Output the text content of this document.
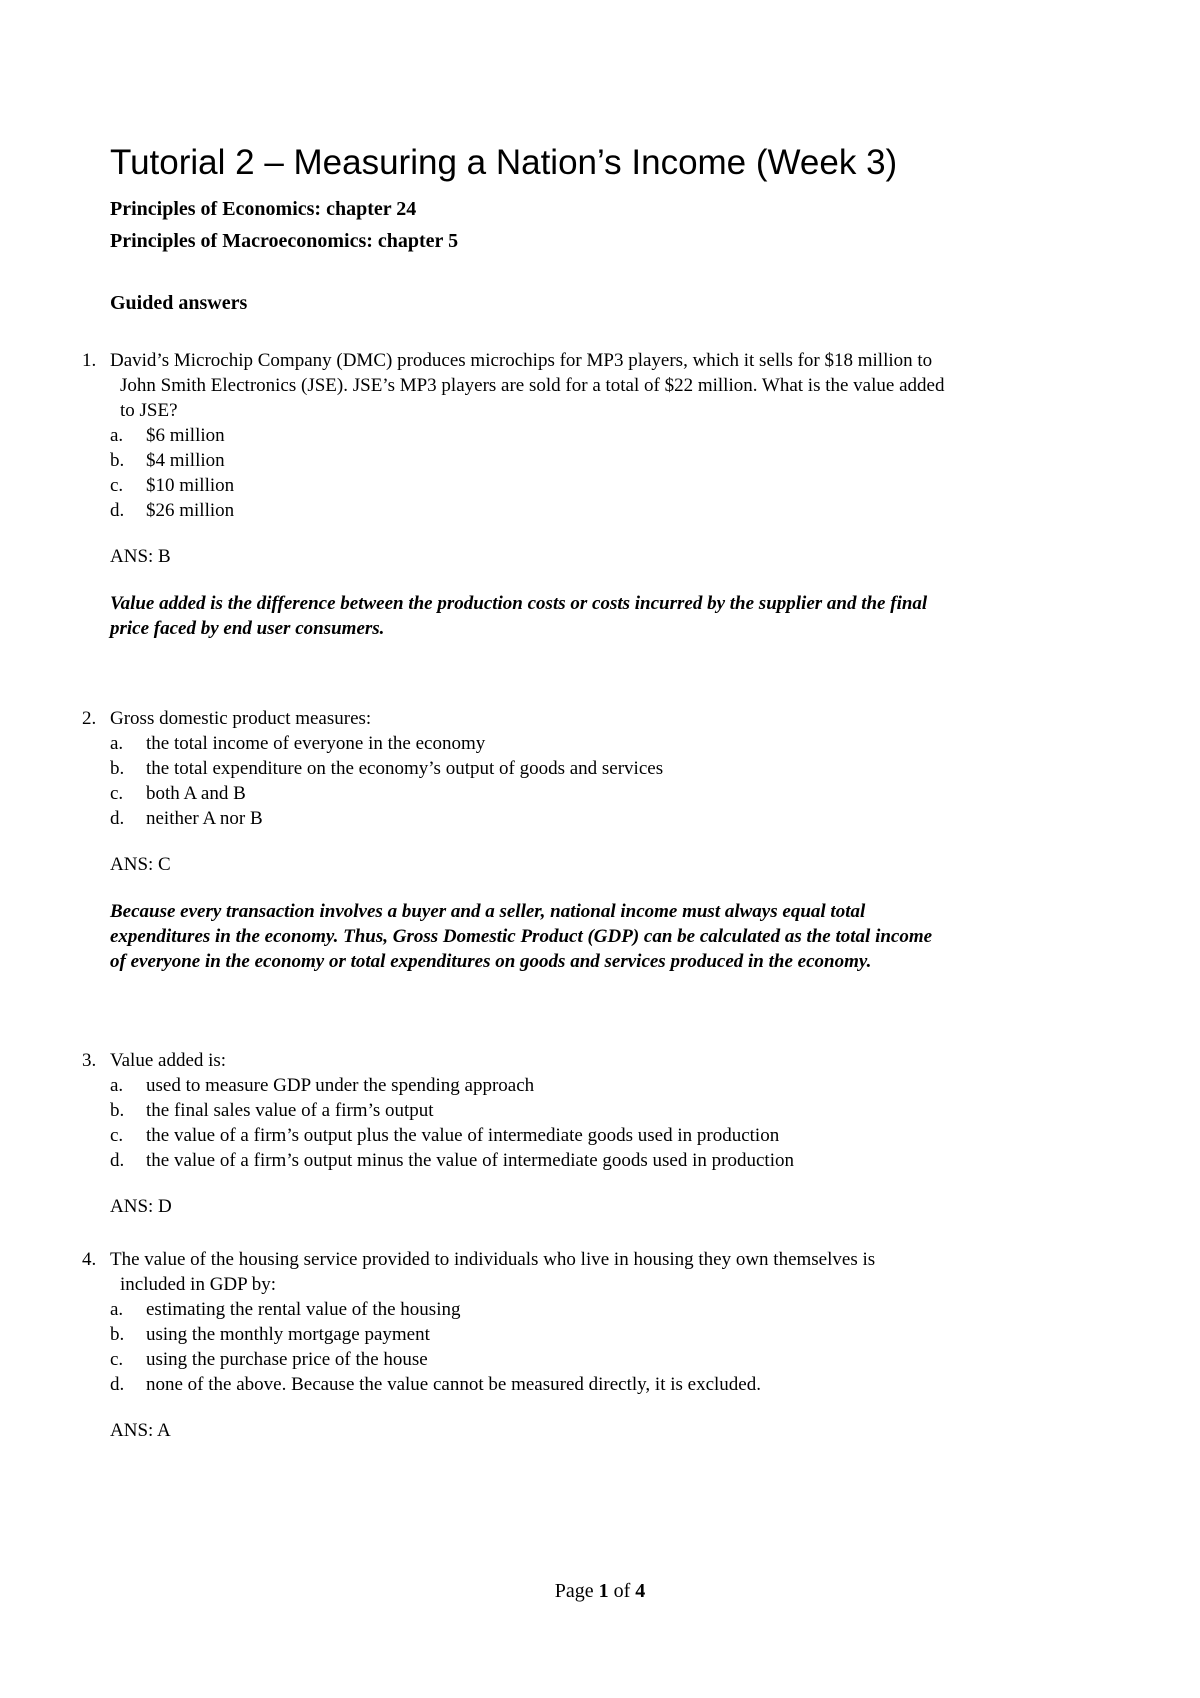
Tutorial 2 – Measuring a Nation’s Income (Week 3)
Principles of Economics: chapter 24
Principles of Macroeconomics: chapter 5
Guided answers
1. David’s Microchip Company (DMC) produces microchips for MP3 players, which it sells for $18 million to
John Smith Electronics (JSE). JSE’s MP3 players are sold for a total of $22 million. What is the value added
to JSE?
a. $6 million
b. $4 million
c. $10 million
d. $26 million
ANS: B
Value added is the difference between the production costs or costs incurred by the supplier and the final
price faced by end user consumers.
2. Gross domestic product measures:
a. the total income of everyone in the economy
b. the total expenditure on the economy’s output of goods and services
c. both A and B
d. neither A nor B
ANS: C
Because every transaction involves a buyer and a seller, national income must always equal total
expenditures in the economy. Thus, Gross Domestic Product (GDP) can be calculated as the total income
of everyone in the economy or total expenditures on goods and services produced in the economy.
3. Value added is:
a. used to measure GDP under the spending approach
b. the final sales value of a firm’s output
c. the value of a firm’s output plus the value of intermediate goods used in production
d. the value of a firm’s output minus the value of intermediate goods used in production
ANS: D
4. The value of the housing service provided to individuals who live in housing they own themselves is
included in GDP by:
a. estimating the rental value of the housing
b. using the monthly mortgage payment
c. using the purchase price of the house
d. none of the above. Because the value cannot be measured directly, it is excluded.
ANS: A
Page 1 of 4
